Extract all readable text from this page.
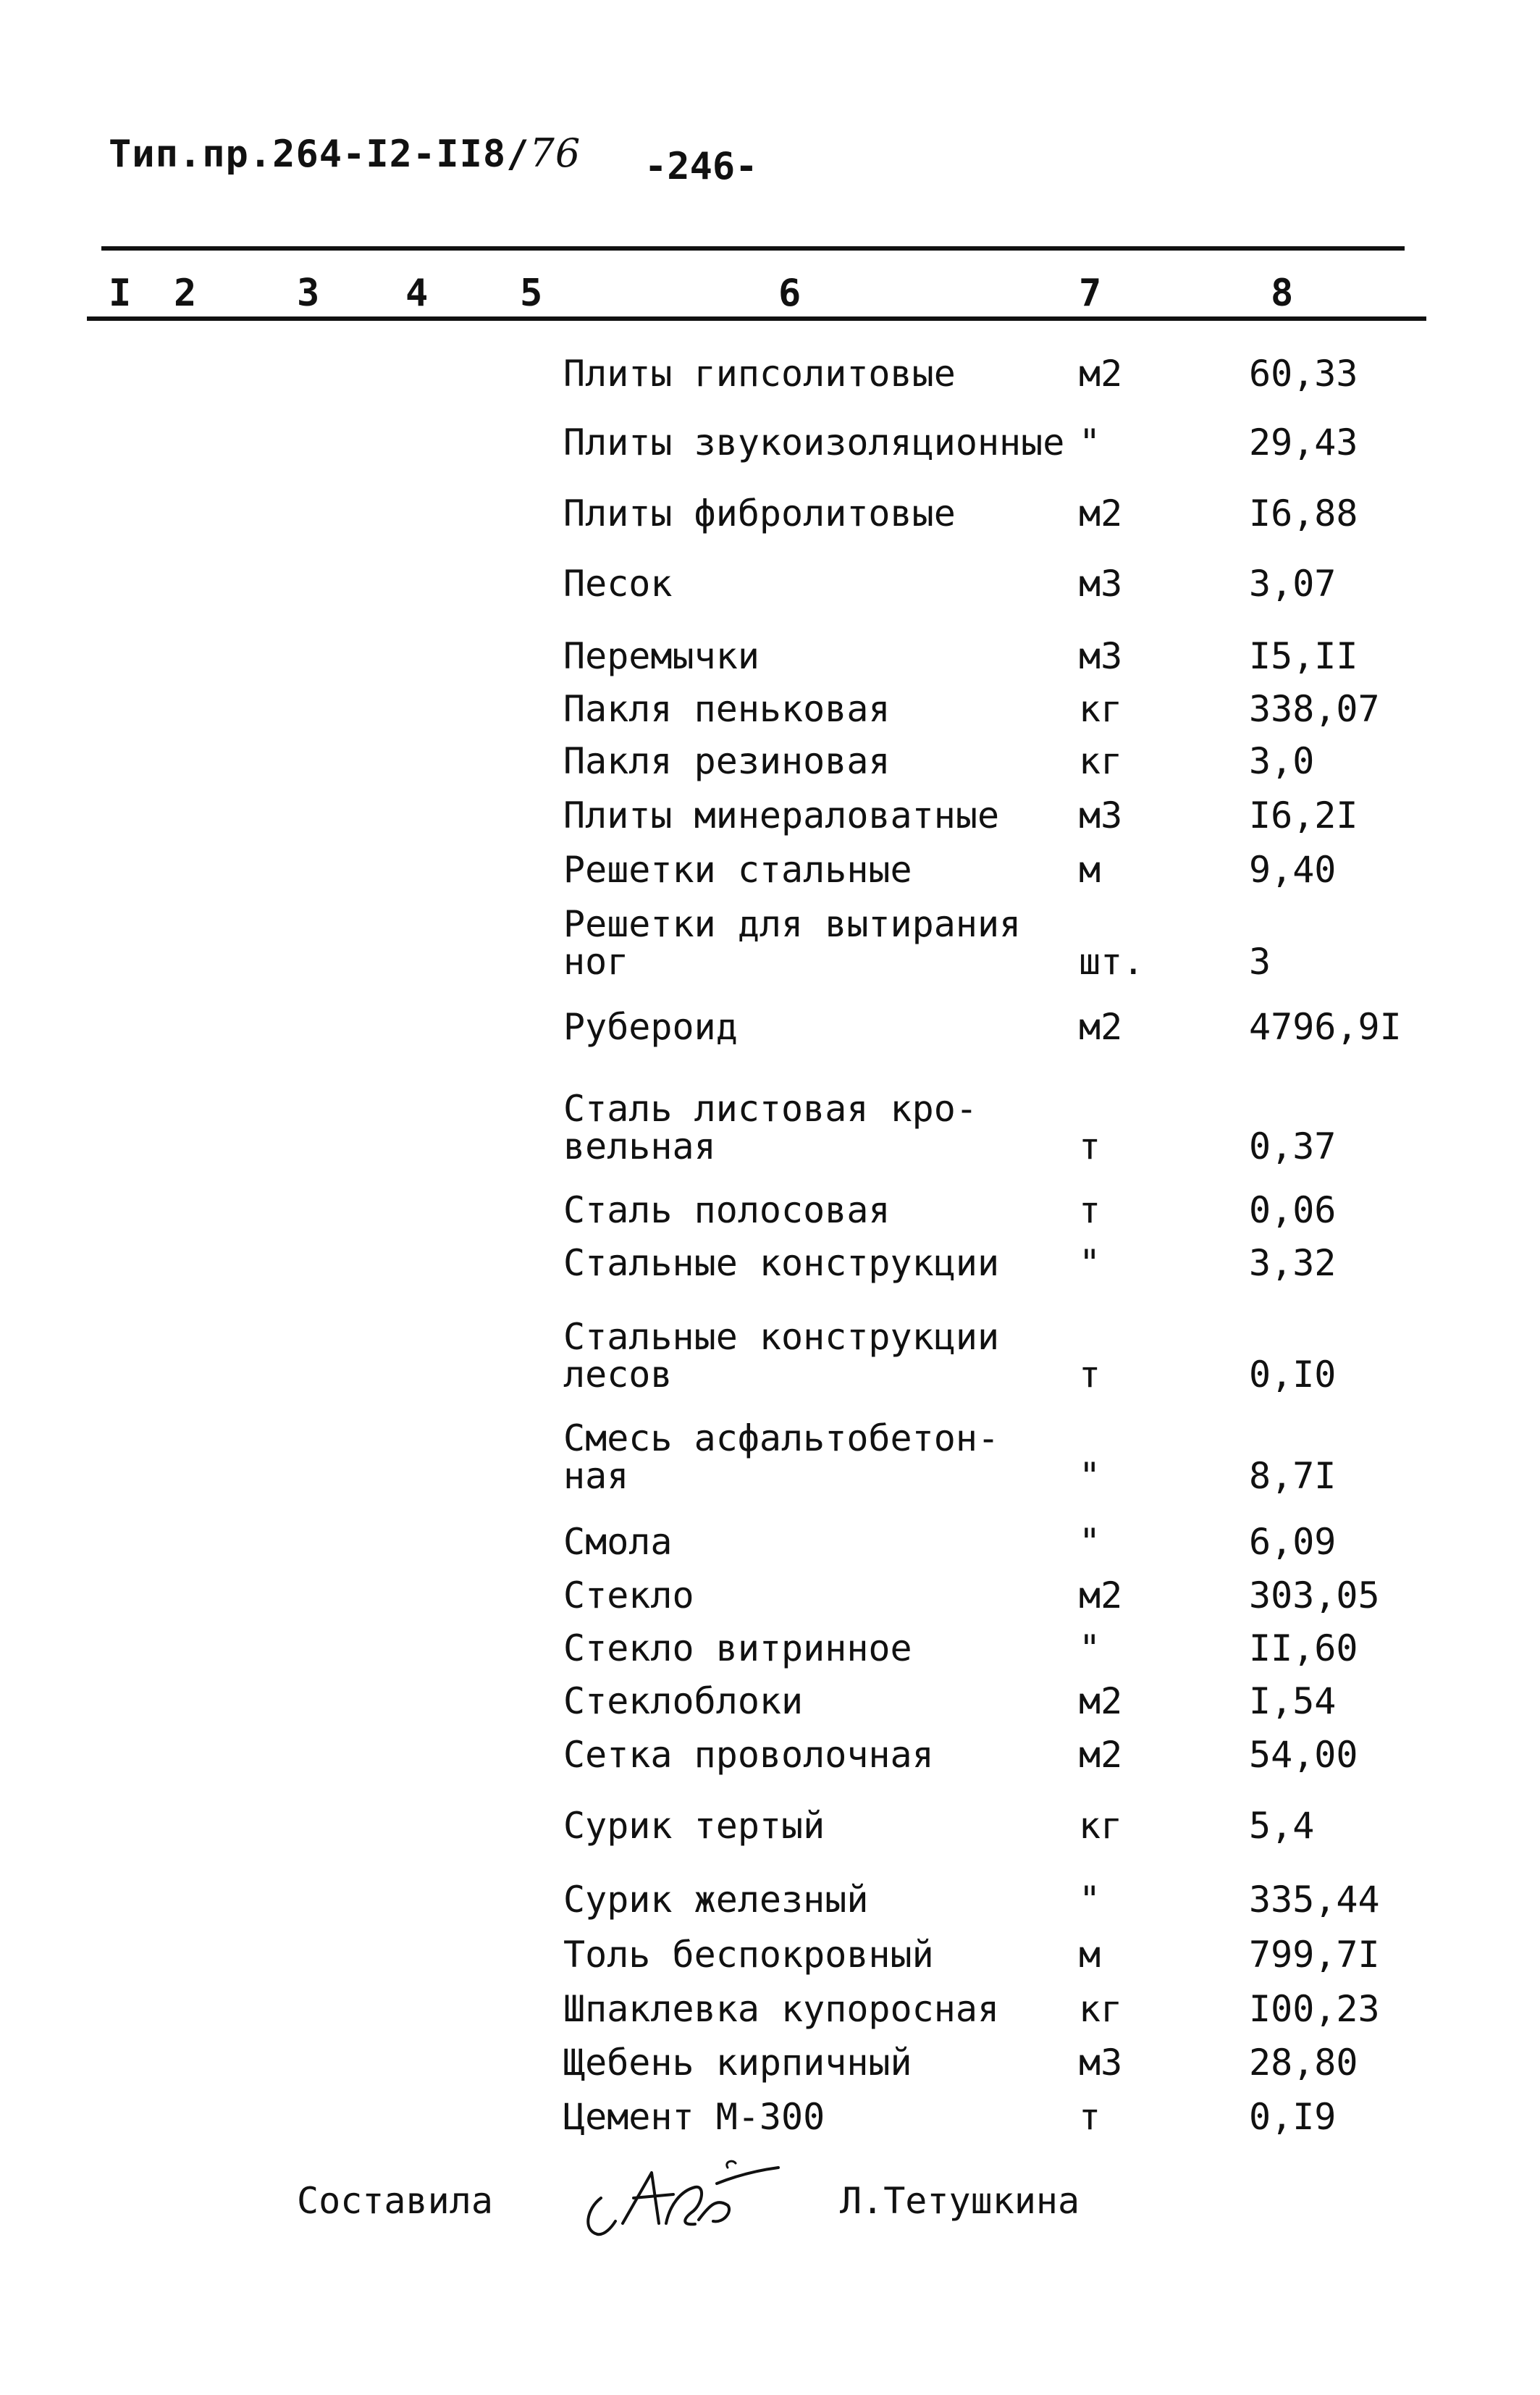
Тип.пр.264-I2-II8/76 -246-
I 2	3 4 5	6	7	8
Плиты гипсолитовые	м2	60,33
Плиты звукоизоляционные "	29,43
Плиты фибролитовые	м2	I6,88
Песок	м3	3,07
Перемычки	м3	I5,II
Пакля пеньковая	кг	338,07
Пакля резиновая	кг	3,0
Плиты минераловатные м3	I6,2I
Решетки стальные	м	9,40
Решетки для вытирания
ног	шт.	3
Рубероид	м2	4796,9I
Сталь листовая кро-
вельная	т	0,37
Сталь полосовая	т	0,06
Стальные конструкции "	3,32
Стальные конструкции
лесов	т	0,I0
Смесь асфальтобетон-
ная	"	8,7I
Смола	"	6,09
Стекло	м2	303,05
Стекло витринное	"	II,60
Стеклоблоки	м2	I,54
Сетка проволочная	м2	54,00
Сурик тертый	кг	5,4
Сурик железный	"	335,44
Толь беспокровный	м	799,7I
Шпаклевка купоросная кг	I00,23
Щебень кирпичный	м3	28,80
Цемент М-300	т	0,I9
Составила	Л.Тетушкина
